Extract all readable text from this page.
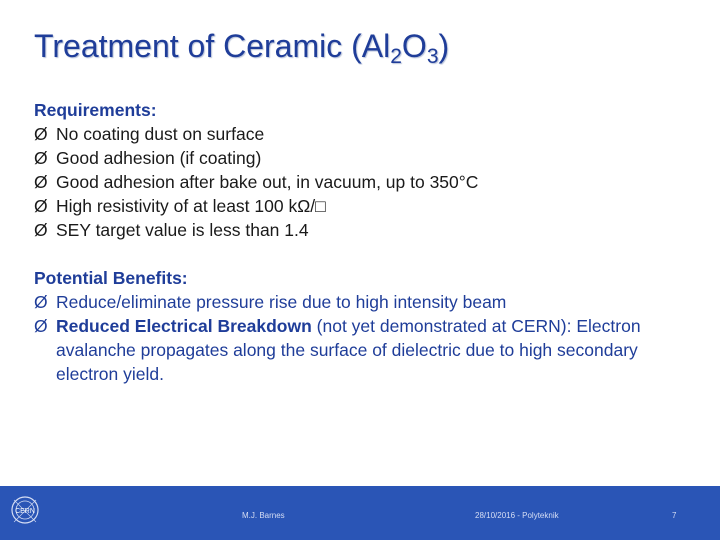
Treatment of Ceramic $(Al_2O_3)$
Requirements:
Ø No coating dust on surface
Ø Good adhesion (if coating)
Ø Good adhesion after bake out, in vacuum, up to 350°C
Ø High resistivity of at least 100 kΩ/□
Ø SEY target value is less than 1.4
Potential Benefits:
Ø Reduce/eliminate pressure rise due to high intensity beam
Ø Reduced Electrical Breakdown (not yet demonstrated at CERN): Electron avalanche propagates along the surface of dielectric due to high secondary electron yield.
CERN	M.J. Barnes	28/10/2016 - Polyteknik	7
